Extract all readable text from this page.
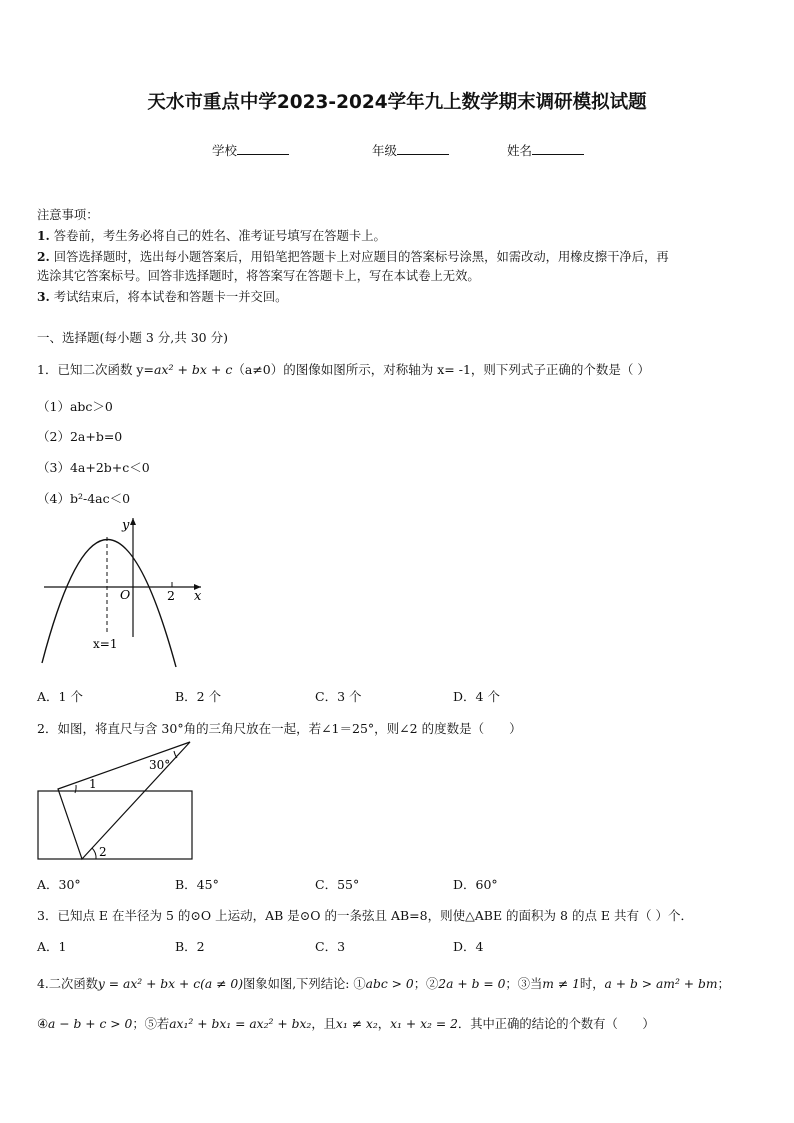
天水市重点中学2023-2024学年九上数学期末调研模拟试题
学校	年级	姓名
注意事项：
1. 答卷前，考生务必将自己的姓名、准考证号填写在答题卡上。
2. 回答选择题时，选出每小题答案后，用铅笔把答题卡上对应题目的答案标号涂黑，如需改动，用橡皮擦干净后，再
选涂其它答案标号。回答非选择题时，将答案写在答题卡上，写在本试卷上无效。
3. 考试结束后，将本试卷和答题卡一并交回。
一、选择题(每小题 3 分,共 30 分)
1．已知二次函数 y=ax² + bx + c（a≠0）的图像如图所示，对称轴为 x= -1，则下列式子正确的个数是（ ）
（1）abc＞0
（2）2a+b=0
（3）4a+2b+c＜0
（4）b²-4ac＜0
y
x
O	2
x=1
A．1 个	B．2 个	C．3 个	D．4 个
2．如图，将直尺与含 30°角的三角尺放在一起，若∠1＝25°，则∠2 的度数是（　　）
30°
1
2
A．30°	B．45°	C．55°	D．60°
3．已知点 E 在半径为 5 的⊙O 上运动，AB 是⊙O 的一条弦且 AB=8，则使△ABE 的面积为 8 的点 E 共有（ ）个．
A．1	B．2	C．3	D．4
4.二次函数y = ax² + bx + c(a ≠ 0)图象如图,下列结论: ①abc > 0；②2a + b = 0；③当m ≠ 1时，a + b > am² + bm；
④a − b + c > 0；⑤若ax₁² + bx₁ = ax₂² + bx₂，且x₁ ≠ x₂，x₁ + x₂ = 2．其中正确的结论的个数有（　　）
